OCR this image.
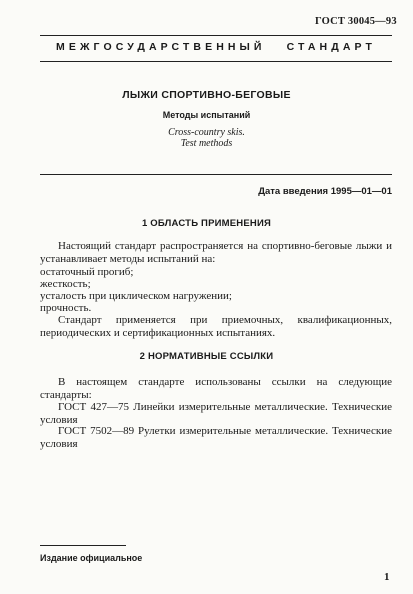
ГОСТ 30045—93
МЕЖГОСУДАРСТВЕННЫЙ СТАНДАРТ
ЛЫЖИ СПОРТИВНО-БЕГОВЫЕ
Методы испытаний
Cross-country skis.
Test methods
Дата введения 1995—01—01
1 ОБЛАСТЬ ПРИМЕНЕНИЯ
Настоящий стандарт распространяется на спортивно-беговые лыжи и устанавливает методы испытаний на:
остаточный прогиб;
жесткость;
усталость при циклическом нагружении;
прочность.
Стандарт применяется при приемочных, квалификационных, периодических и сертификационных испытаниях.
2 НОРМАТИВНЫЕ ССЫЛКИ
В настоящем стандарте использованы ссылки на следующие стандарты:
ГОСТ 427—75 Линейки измерительные металлические. Технические условия
ГОСТ 7502—89 Рулетки измерительные металлические. Технические условия
Издание официальное
1
